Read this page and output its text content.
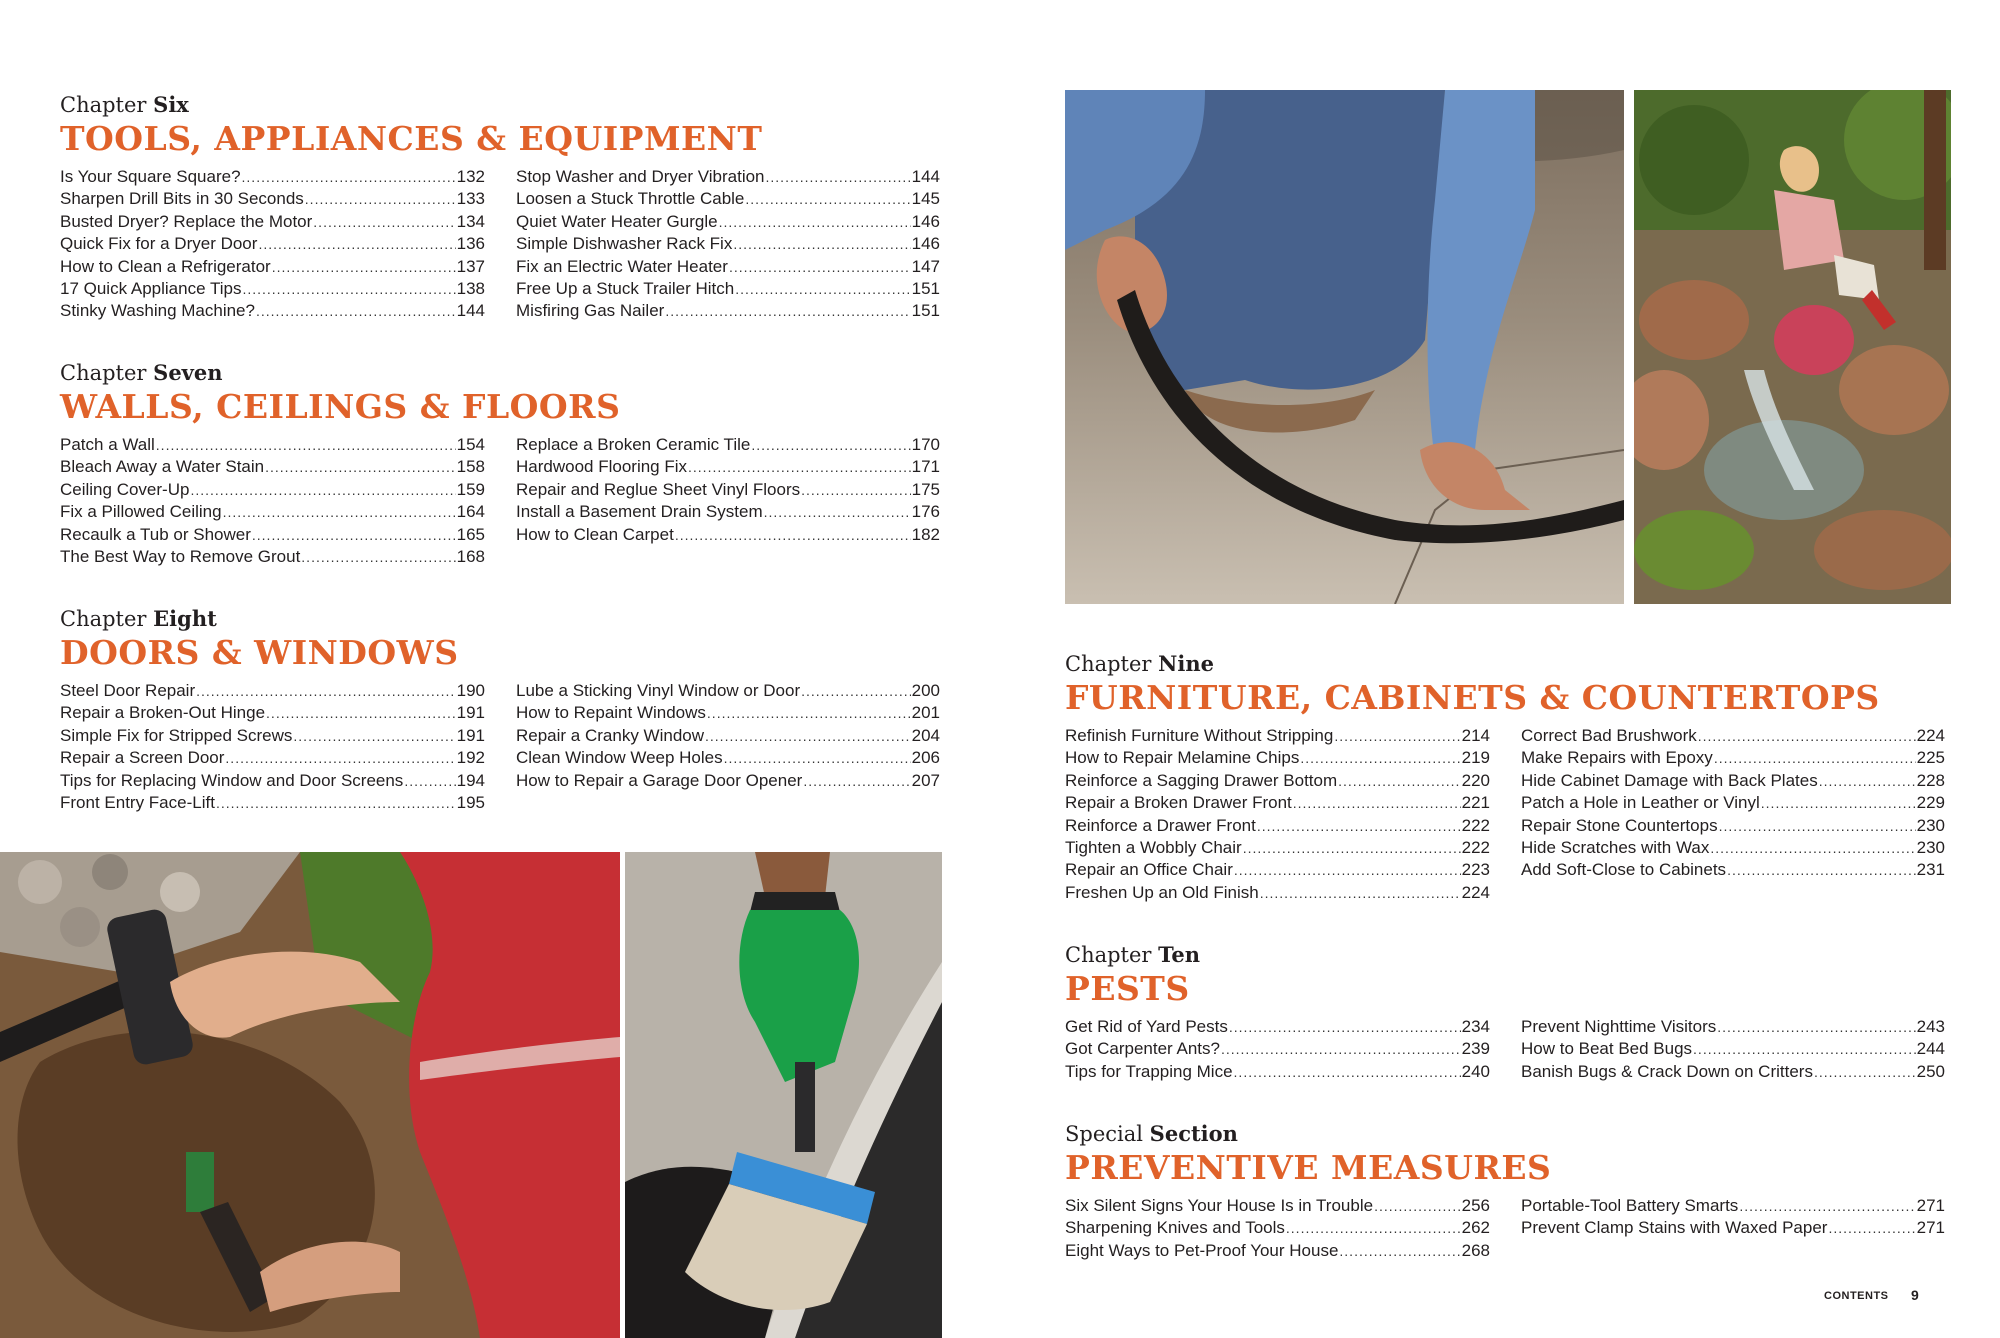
Chapter Six
TOOLS, APPLIANCES & EQUIPMENT
Is Your Square Square? .....	132
Sharpen Drill Bits in 30 Seconds .....	133
Busted Dryer? Replace the Motor .....	134
Quick Fix for a Dryer Door .....	136
How to Clean a Refrigerator .....	137
17 Quick Appliance Tips .....	138
Stinky Washing Machine? .....	144
Stop Washer and Dryer Vibration .....	144
Loosen a Stuck Throttle Cable .....	145
Quiet Water Heater Gurgle .....	146
Simple Dishwasher Rack Fix .....	146
Fix an Electric Water Heater .....	147
Free Up a Stuck Trailer Hitch .....	151
Misfiring Gas Nailer .....	151
Chapter Seven
WALLS, CEILINGS & FLOORS
Patch a Wall .....	154
Bleach Away a Water Stain .....	158
Ceiling Cover-Up .....	159
Fix a Pillowed Ceiling .....	164
Recaulk a Tub or Shower .....	165
The Best Way to Remove Grout .....	168
Replace a Broken Ceramic Tile .....	170
Hardwood Flooring Fix .....	171
Repair and Reglue Sheet Vinyl Floors .....	175
Install a Basement Drain System .....	176
How to Clean Carpet .....	182
Chapter Eight
DOORS & WINDOWS
Steel Door Repair .....	190
Repair a Broken-Out Hinge .....	191
Simple Fix for Stripped Screws .....	191
Repair a Screen Door .....	192
Tips for Replacing Window and Door Screens .....	194
Front Entry Face-Lift .....	195
Lube a Sticking Vinyl Window or Door .....	200
How to Repaint Windows .....	201
Repair a Cranky Window .....	204
Clean Window Weep Holes .....	206
How to Repair a Garage Door Opener .....	207
Chapter Nine
FURNITURE, CABINETS & COUNTERTOPS
Refinish Furniture Without Stripping .....	214
How to Repair Melamine Chips .....	219
Reinforce a Sagging Drawer Bottom .....	220
Repair a Broken Drawer Front .....	221
Reinforce a Drawer Front .....	222
Tighten a Wobbly Chair .....	222
Repair an Office Chair .....	223
Freshen Up an Old Finish .....	224
Correct Bad Brushwork .....	224
Make Repairs with Epoxy .....	225
Hide Cabinet Damage with Back Plates .....	228
Patch a Hole in Leather or Vinyl .....	229
Repair Stone Countertops .....	230
Hide Scratches with Wax .....	230
Add Soft-Close to Cabinets .....	231
Chapter Ten
PESTS
Get Rid of Yard Pests .....	234
Got Carpenter Ants? .....	239
Tips for Trapping Mice .....	240
Prevent Nighttime Visitors .....	243
How to Beat Bed Bugs .....	244
Banish Bugs & Crack Down on Critters .....	250
Special Section
PREVENTIVE MEASURES
Six Silent Signs Your House Is in Trouble .....	256
Sharpening Knives and Tools .....	262
Eight Ways to Pet-Proof Your House .....	268
Portable-Tool Battery Smarts .....	271
Prevent Clamp Stains with Waxed Paper .....	271
CONTENTS 9
